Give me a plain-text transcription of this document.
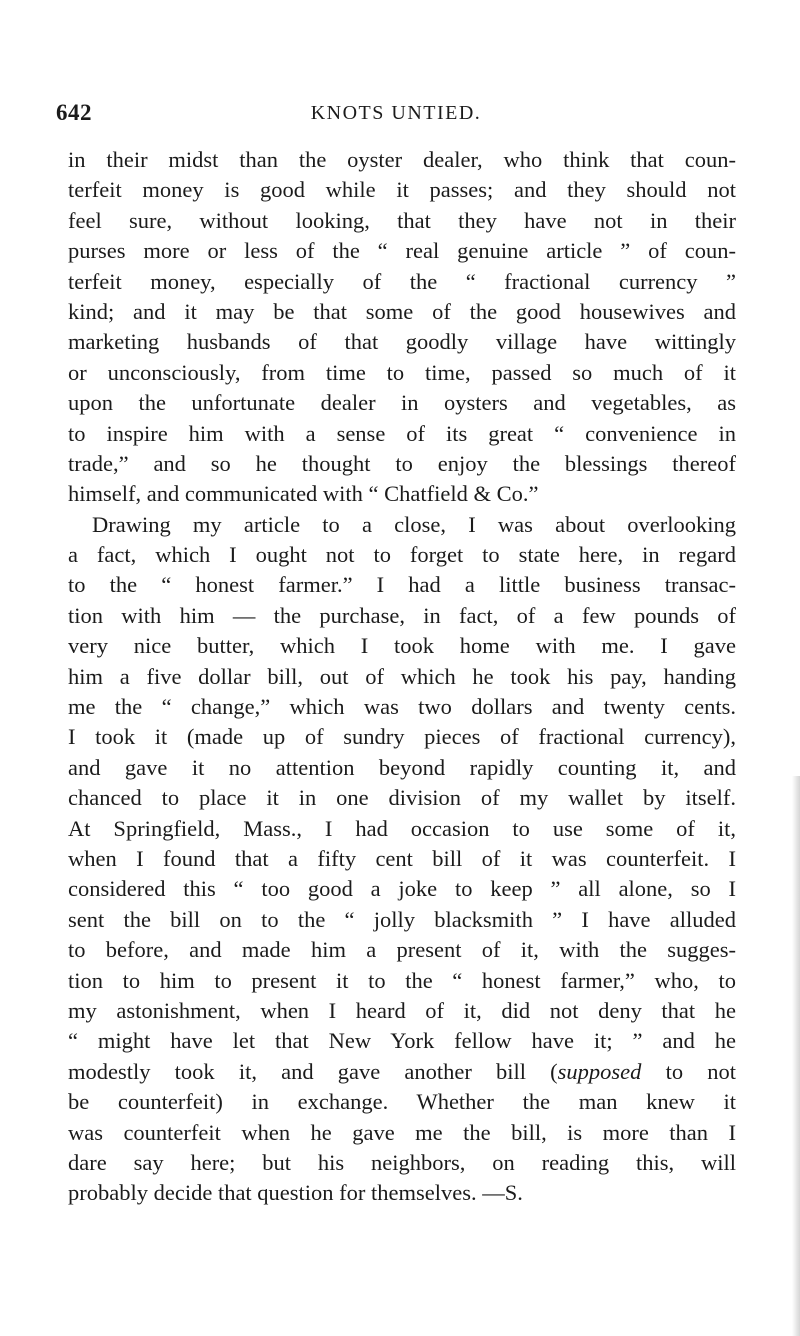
642	KNOTS UNTIED.
in their midst than the oyster dealer, who think that coun-
terfeit money is good while it passes; and they should not
feel sure, without looking, that they have not in their
purses more or less of the “ real genuine article ” of coun-
terfeit money, especially of the “ fractional currency ”
kind; and it may be that some of the good housewives and
marketing husbands of that goodly village have wittingly
or unconsciously, from time to time, passed so much of it
upon the unfortunate dealer in oysters and vegetables, as
to inspire him with a sense of its great “ convenience in
trade,” and so he thought to enjoy the blessings thereof
himself, and communicated with “ Chatfield & Co.”
Drawing my article to a close, I was about overlooking
a fact, which I ought not to forget to state here, in regard
to the “ honest farmer.” I had a little business transac-
tion with him — the purchase, in fact, of a few pounds of
very nice butter, which I took home with me. I gave
him a five dollar bill, out of which he took his pay, handing
me the “ change,” which was two dollars and twenty cents.
I took it (made up of sundry pieces of fractional currency),
and gave it no attention beyond rapidly counting it, and
chanced to place it in one division of my wallet by itself.
At Springfield, Mass., I had occasion to use some of it,
when I found that a fifty cent bill of it was counterfeit. I
considered this “ too good a joke to keep ” all alone, so I
sent the bill on to the “ jolly blacksmith ” I have alluded
to before, and made him a present of it, with the sugges-
tion to him to present it to the “ honest farmer,” who, to
my astonishment, when I heard of it, did not deny that he
“ might have let that New York fellow have it; ” and he
modestly took it, and gave another bill (supposed to not
be counterfeit) in exchange. Whether the man knew it
was counterfeit when he gave me the bill, is more than I
dare say here; but his neighbors, on reading this, will
probably decide that question for themselves. —S.
